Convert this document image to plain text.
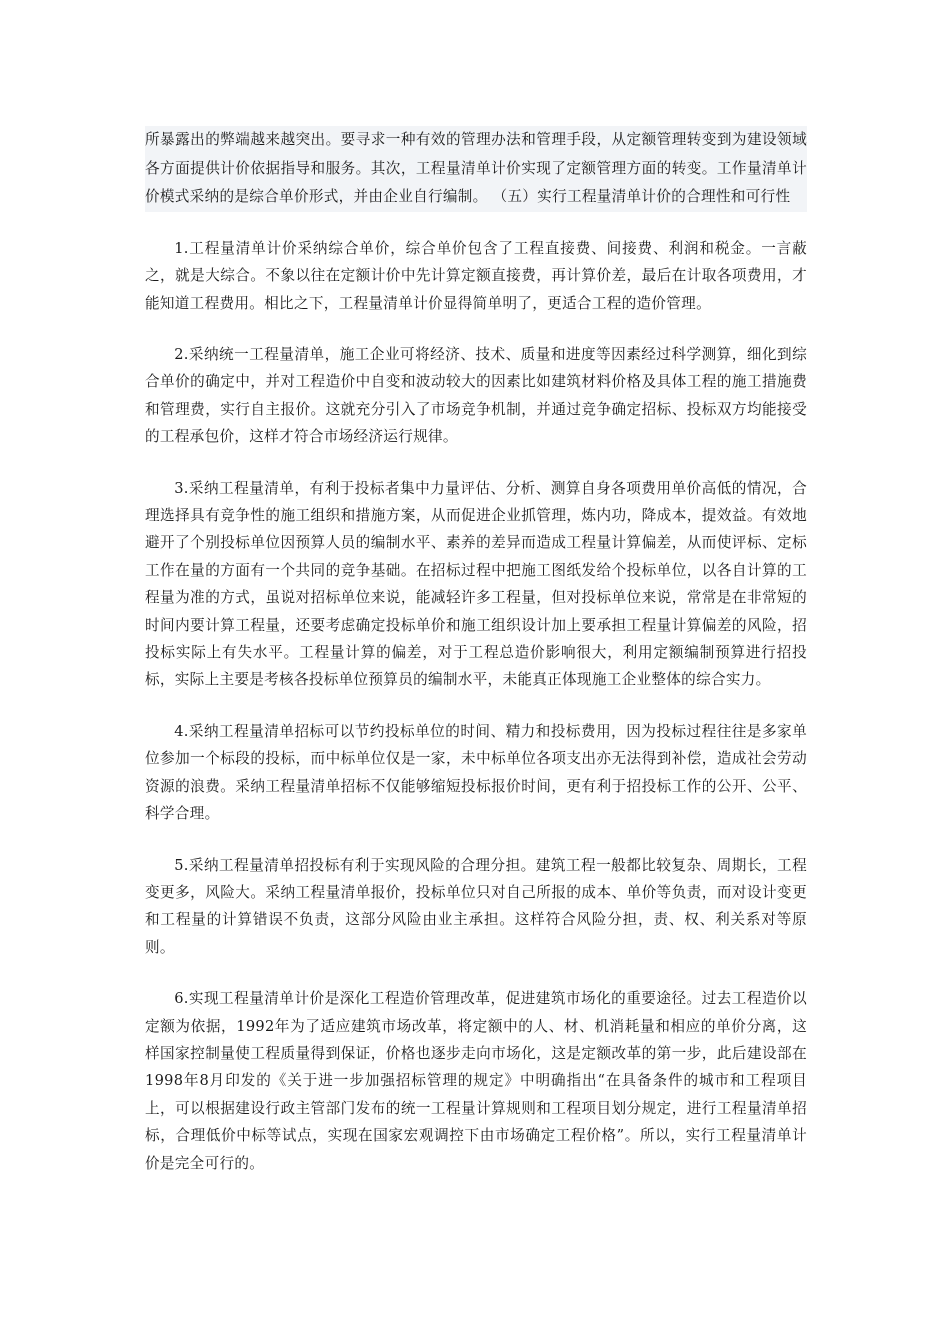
所暴露出的弊端越来越突出。要寻求一种有效的管理办法和管理手段，从定额管理转变到为建设领域各方面提供计价依据指导和服务。其次，工程量清单计价实现了定额管理方面的转变。工作量清单计价模式采纳的是综合单价形式，并由企业自行编制。 （五）实行工程量清单计价的合理性和可行性

1.工程量清单计价采纳综合单价，综合单价包含了工程直接费、间接费、利润和税金。一言蔽之，就是大综合。不象以往在定额计价中先计算定额直接费，再计算价差，最后在计取各项费用，才能知道工程费用。相比之下，工程量清单计价显得简单明了，更适合工程的造价管理。

2.采纳统一工程量清单，施工企业可将经济、技术、质量和进度等因素经过科学测算，细化到综合单价的确定中，并对工程造价中自变和波动较大的因素比如建筑材料价格及具体工程的施工措施费和管理费，实行自主报价。这就充分引入了市场竞争机制，并通过竞争确定招标、投标双方均能接受的工程承包价，这样才符合市场经济运行规律。

3.采纳工程量清单，有利于投标者集中力量评估、分析、测算自身各项费用单价高低的情况，合理选择具有竞争性的施工组织和措施方案，从而促进企业抓管理，炼内功，降成本，提效益。有效地避开了个别投标单位因预算人员的编制水平、素养的差异而造成工程量计算偏差，从而使评标、定标工作在量的方面有一个共同的竞争基础。在招标过程中把施工图纸发给个投标单位，以各自计算的工程量为准的方式，虽说对招标单位来说，能减轻许多工程量，但对投标单位来说，常常是在非常短的时间内要计算工程量，还要考虑确定投标单价和施工组织设计加上要承担工程量计算偏差的风险，招投标实际上有失水平。工程量计算的偏差，对于工程总造价影响很大，利用定额编制预算进行招投标，实际上主要是考核各投标单位预算员的编制水平，未能真正体现施工企业整体的综合实力。

4.采纳工程量清单招标可以节约投标单位的时间、精力和投标费用，因为投标过程往往是多家单位参加一个标段的投标，而中标单位仅是一家，未中标单位各项支出亦无法得到补偿，造成社会劳动资源的浪费。采纳工程量清单招标不仅能够缩短投标报价时间，更有利于招投标工作的公开、公平、科学合理。

5.采纳工程量清单招投标有利于实现风险的合理分担。建筑工程一般都比较复杂、周期长，工程变更多，风险大。采纳工程量清单报价，投标单位只对自己所报的成本、单价等负责，而对设计变更和工程量的计算错误不负责，这部分风险由业主承担。这样符合风险分担，责、权、利关系对等原则。

6.实现工程量清单计价是深化工程造价管理改革，促进建筑市场化的重要途径。过去工程造价以定额为依据，1992年为了适应建筑市场改革，将定额中的人、材、机消耗量和相应的单价分离，这样国家控制量使工程质量得到保证，价格也逐步走向市场化，这是定额改革的第一步，此后建设部在1998年8月印发的《关于进一步加强招标管理的规定》中明确指出“在具备条件的城市和工程项目上，可以根据建设行政主管部门发布的统一工程量计算规则和工程项目划分规定，进行工程量清单招标，合理低价中标等试点，实现在国家宏观调控下由市场确定工程价格”。所以，实行工程量清单计价是完全可行的。
